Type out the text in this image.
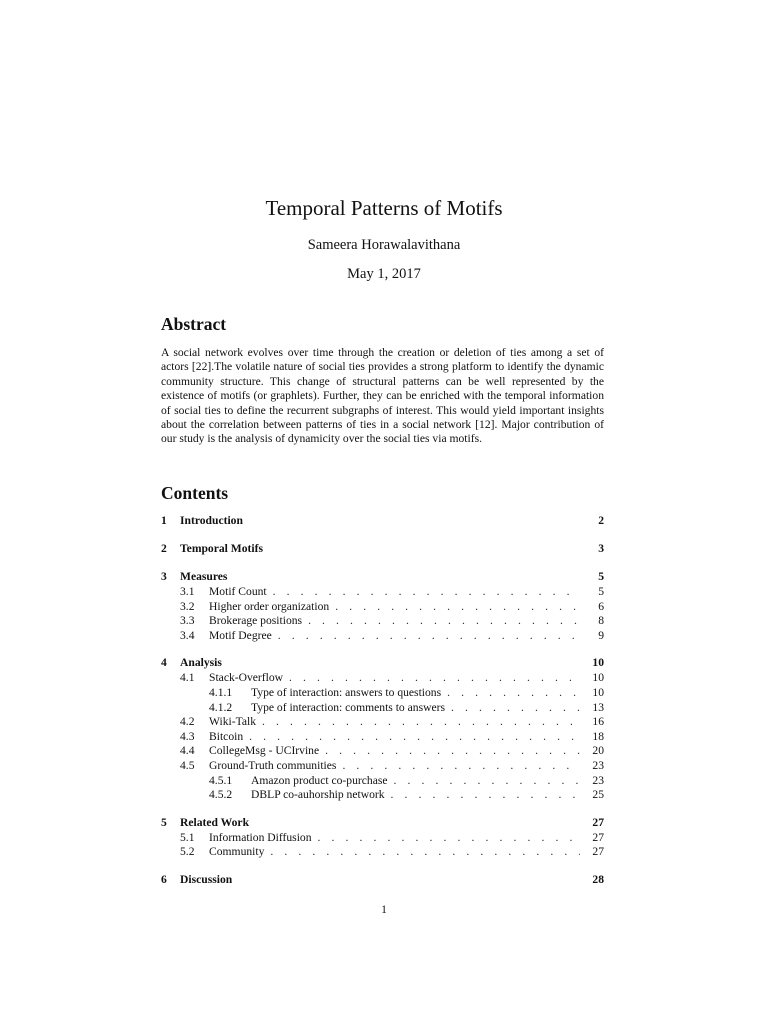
Temporal Patterns of Motifs
Sameera Horawalavithana
May 1, 2017
Abstract
A social network evolves over time through the creation or deletion of ties among a set of actors [22].The volatile nature of social ties provides a strong platform to identify the dynamic community structure. This change of structural patterns can be well represented by the existence of motifs (or graphlets). Further, they can be enriched with the temporal information of social ties to define the recurrent subgraphs of interest. This would yield important insights about the correlation between patterns of ties in a social network [12]. Major contribution of our study is the analysis of dynamicity over the social ties via motifs.
Contents
1 Introduction	2
2 Temporal Motifs	3
3 Measures	5
3.1 Motif Count . . .	5
3.2 Higher order organization . . .	6
3.3 Brokerage positions . . .	8
3.4 Motif Degree . . .	9
4 Analysis	10
4.1 Stack-Overflow . . .	10
4.1.1 Type of interaction: answers to questions . . .	10
4.1.2 Type of interaction: comments to answers . . .	13
4.2 Wiki-Talk . . .	16
4.3 Bitcoin . . .	18
4.4 CollegeMsg - UCIrvine . . .	20
4.5 Ground-Truth communities . . .	23
4.5.1 Amazon product co-purchase . . .	23
4.5.2 DBLP co-auhorship network . . .	25
5 Related Work	27
5.1 Information Diffusion . . .	27
5.2 Community . . .	27
6 Discussion	28
1
